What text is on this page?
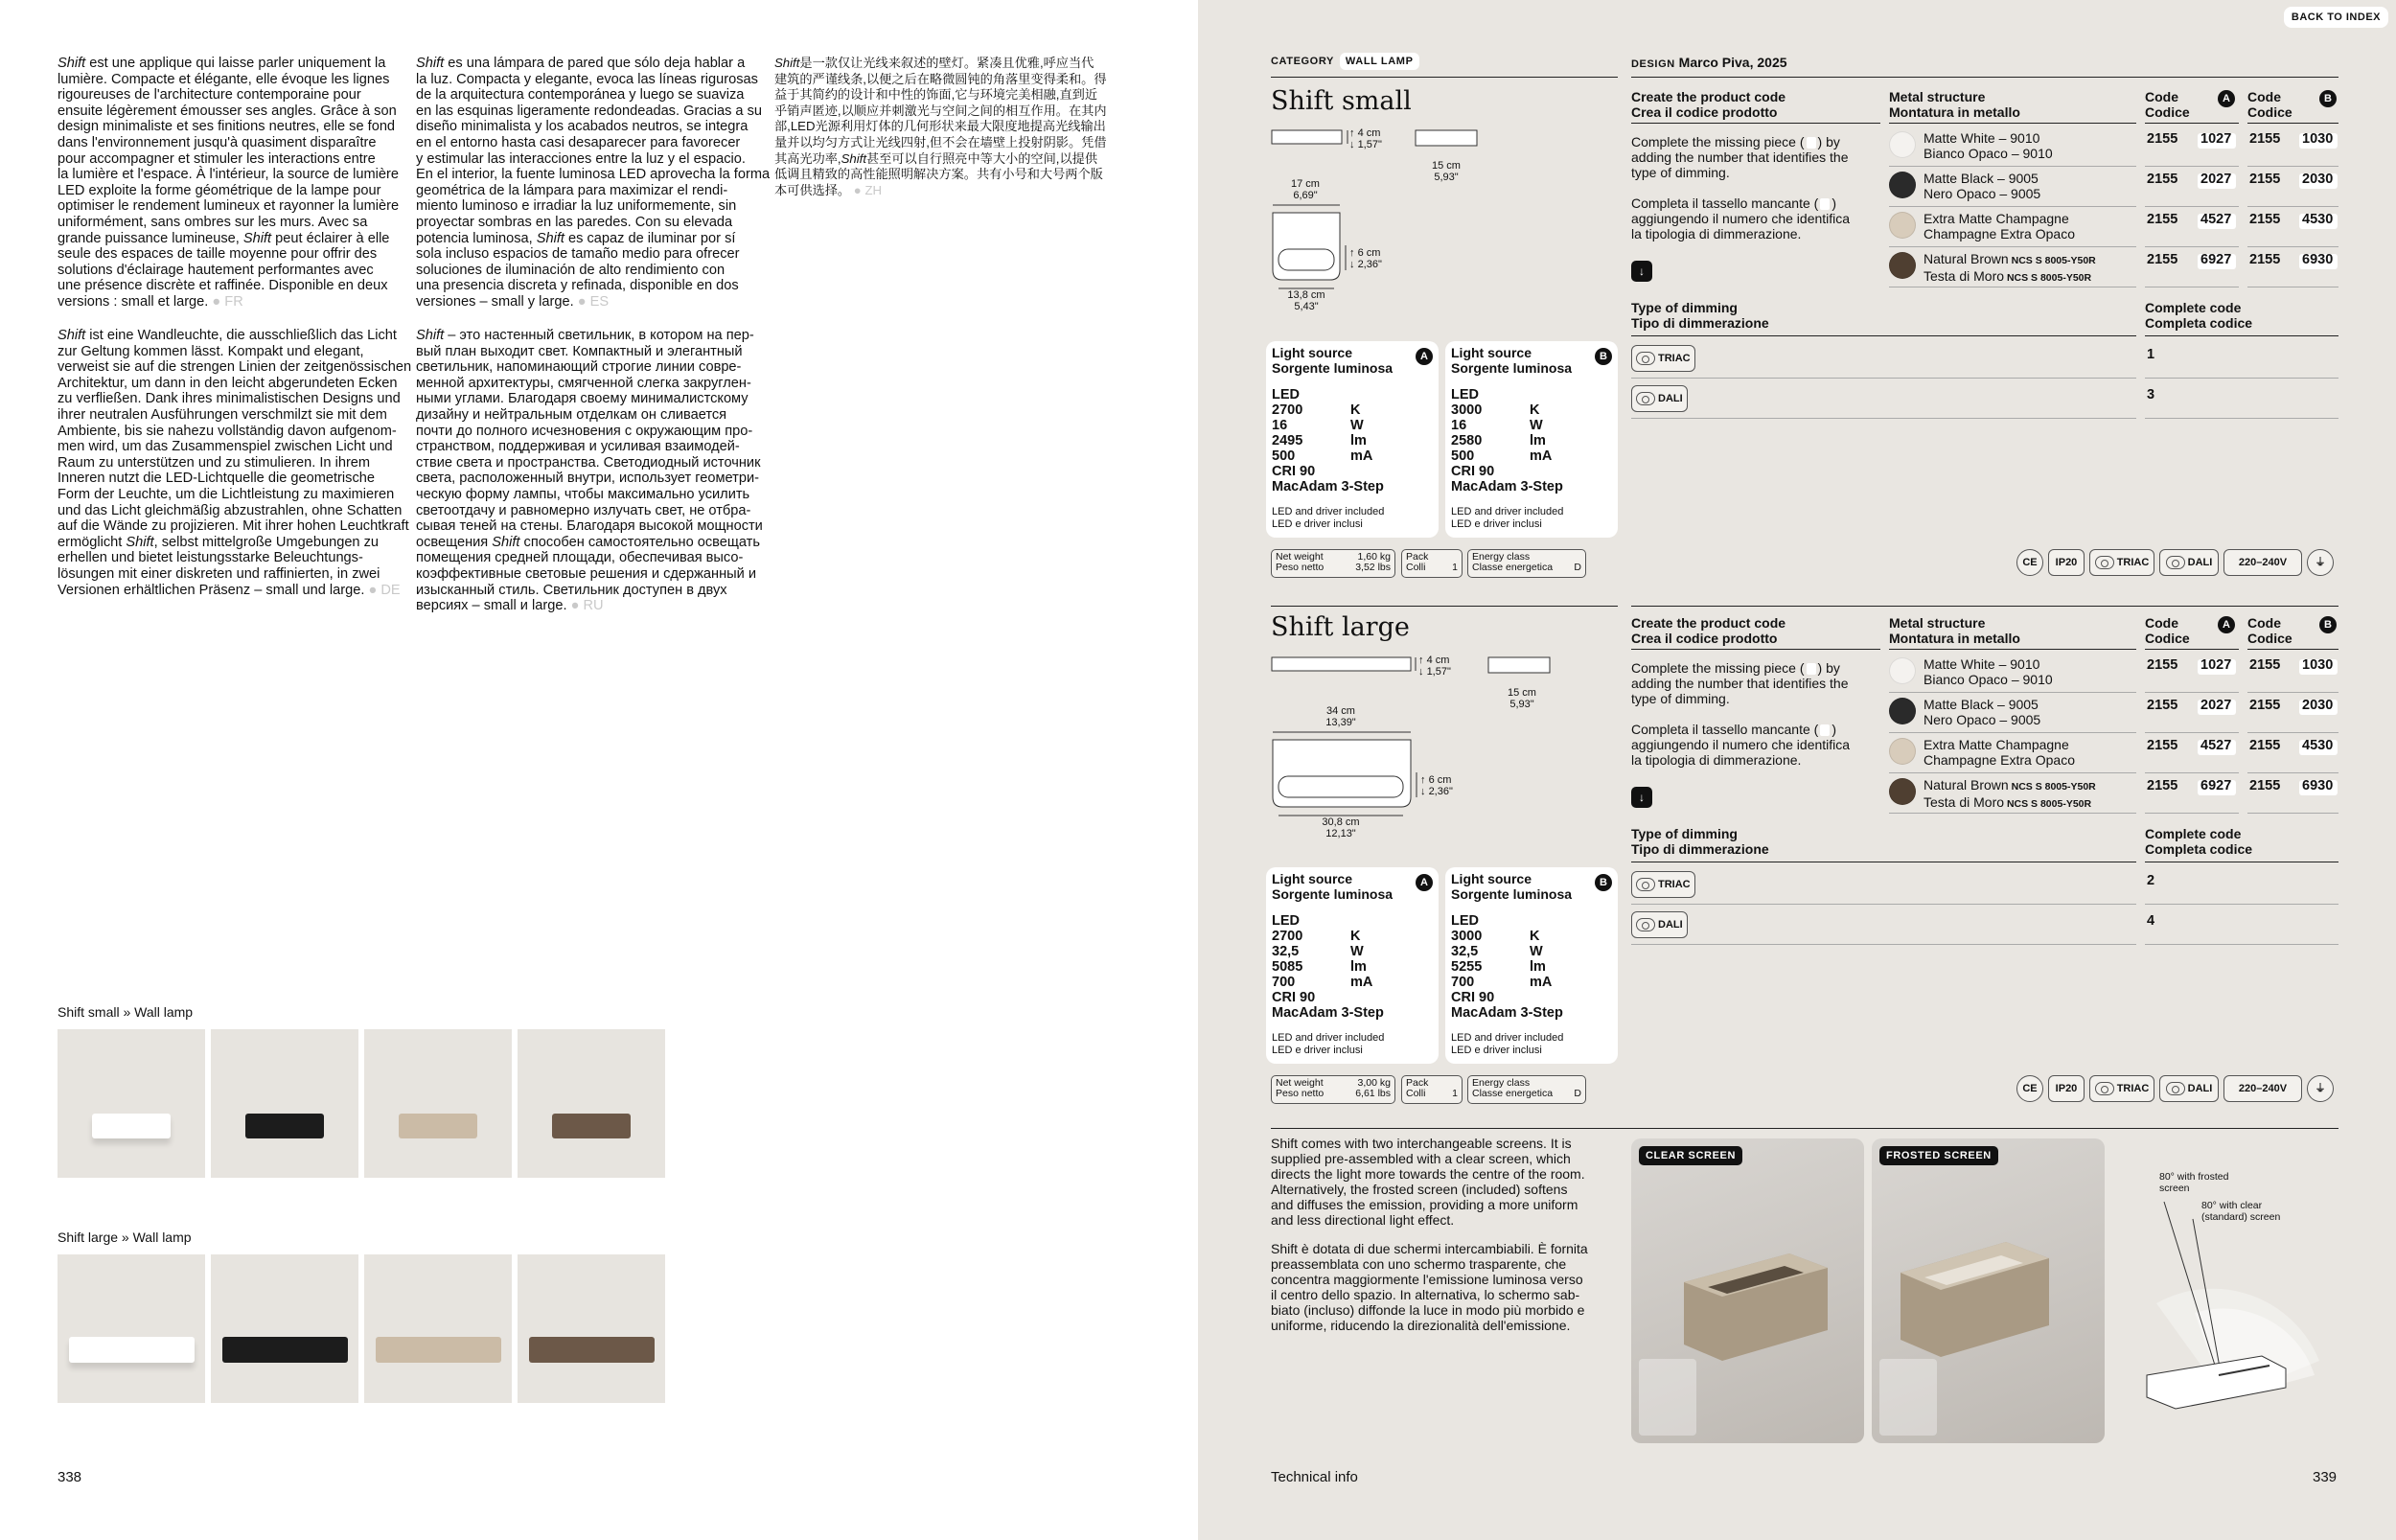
Shift est une applique qui laisse parler uniquement la
lumière. Compacte et élégante, elle évoque les lignes
rigoureuses de l'architecture contemporaine pour
ensuite légèrement émousser ses angles. Grâce à son
design minimaliste et ses finitions neutres, elle se fond
dans l'environnement jusqu'à quasiment disparaître
pour accompagner et stimuler les interactions entre
la lumière et l'espace. À l'intérieur, la source de lumière
LED exploite la forme géométrique de la lampe pour
optimiser le rendement lumineux et rayonner la lumière
uniformément, sans ombres sur les murs. Avec sa
grande puissance lumineuse, Shift peut éclairer à elle
seule des espaces de taille moyenne pour offrir des
solutions d'éclairage hautement performantes avec
une présence discrète et raffinée. Disponible en deux
versions : small et large. ● FR
Shift ist eine Wandleuchte, die ausschließlich das Licht
zur Geltung kommen lässt. Kompakt und elegant,
verweist sie auf die strengen Linien der zeitgenössischen
Architektur, um dann in den leicht abgerundeten Ecken
zu verfließen. Dank ihres minimalistischen Designs und
ihrer neutralen Ausführungen verschmilzt sie mit dem
Ambiente, bis sie nahezu vollständig davon aufgenom-
men wird, um das Zusammenspiel zwischen Licht und
Raum zu unterstützen und zu stimulieren. In ihrem
Inneren nutzt die LED-Lichtquelle die geometrische
Form der Leuchte, um die Lichtleistung zu maximieren
und das Licht gleichmäßig abzustrahlen, ohne Schatten
auf die Wände zu projizieren. Mit ihrer hohen Leuchtkraft
ermöglicht Shift, selbst mittelgroße Umgebungen zu
erhellen und bietet leistungsstarke Beleuchtungs-
lösungen mit einer diskreten und raffinierten, in zwei
Versionen erhältlichen Präsenz – small und large. ● DE
Shift es una lámpara de pared que sólo deja hablar a
la luz. Compacta y elegante, evoca las líneas rigurosas
de la arquitectura contemporánea y luego se suaviza
en las esquinas ligeramente redondeadas. Gracias a su
diseño minimalista y los acabados neutros, se integra
en el entorno hasta casi desaparecer para favorecer
y estimular las interacciones entre la luz y el espacio.
En el interior, la fuente luminosa LED aprovecha la forma
geométrica de la lámpara para maximizar el rendi-
miento luminoso e irradiar la luz uniformemente, sin
proyectar sombras en las paredes. Con su elevada
potencia luminosa, Shift es capaz de iluminar por sí
sola incluso espacios de tamaño medio para ofrecer
soluciones de iluminación de alto rendimiento con
una presencia discreta y refinada, disponible en dos
versiones – small y large. ● ES
Shift – это настенный светильник, в котором на пер-
вый план выходит свет. Компактный и элегантный
светильник, напоминающий строгие линии совре-
менной архитектуры, смягченной слегка закруглен-
ными углами. Благодаря своему минималистскому
дизайну и нейтральным отделкам он сливается
почти до полного исчезновения с окружающим про-
странством, поддерживая и усиливая взаимодей-
ствие света и пространства. Светодиодный источник
света, расположенный внутри, использует геометри-
ческую форму лампы, чтобы максимально усилить
светоотдачу и равномерно излучать свет, не отбра-
сывая теней на стены. Благодаря высокой мощности
освещения Shift способен самостоятельно освещать
помещения средней площади, обеспечивая высо-
коэффективные световые решения и сдержанный и
изысканный стиль. Светильник доступен в двух
версиях – small и large. ● RU
Shift是一款仅让光线来叙述的壁灯。紧凑且优雅,呼应当代
建筑的严谨线条,以便之后在略微圆钝的角落里变得柔和。得
益于其简约的设计和中性的饰面,它与环境完美相融,直到近
乎销声匿迹,以顺应并刺激光与空间之间的相互作用。在其内
部,LED光源利用灯体的几何形状来最大限度地提高光线输出
量并以均匀方式让光线四射,但不会在墙壁上投射阴影。凭借
其高光功率,Shift甚至可以自行照亮中等大小的空间,以提供
低调且精致的高性能照明解决方案。共有小号和大号两个版
本可供选择。 ● ZH
Shift small » Wall lamp
Shift large » Wall lamp
338
BACK TO INDEX
CATEGORY WALL LAMP	DESIGN Marco Piva, 2025
Shift small
↑ 4 cm
↓ 1,57"
15 cm
5,93"
17 cm
6,69"
↑ 6 cm
↓ 2,36"
13,8 cm
5,43"
Light source
Sorgente luminosa
A
LED
2700	K
16	W
2495	lm
500	mA
CRI 90
MacAdam 3-Step
LED and driver included
LED e driver inclusi
Light source
Sorgente luminosa
B
LED
3000	K
16	W
2580	lm
500	mA
CRI 90
MacAdam 3-Step
LED and driver included
LED e driver inclusi
Net weight	1,60 kg
Peso netto	3,52 lbs
Pack
Colli	1
Energy class
Classe energetica D
Create the product code
Crea il codice prodotto
Metal structure
Montatura in metallo
Code
Codice
A	Code
Codice
B
Complete the missing piece ( ) by
adding the number that identifies the
type of dimming.
Completa il tassello mancante ( )
aggiungendo il numero che identifica
la tipologia di dimmerazione.
↓
Matte White – 9010
Bianco Opaco – 9010
2155 1027 2155 1030
Matte Black – 9005
Nero Opaco – 9005
2155 2027 2155 2030
Extra Matte Champagne
Champagne Extra Opaco
2155 4527 2155 4530
Natural Brown NCS S 8005-Y50R
Testa di Moro NCS S 8005-Y50R
2155 6927 2155 6930
Type of dimming
Tipo di dimmerazione
Complete code
Completa codice
TRIAC	1
DALI	3
CE IP20	TRIAC	DALI	220–240V	⏚
Shift large
↑ 4 cm
↓ 1,57"
15 cm
5,93"
34 cm
13,39"
↑ 6 cm
↓ 2,36"
30,8 cm
12,13"
Light source
Sorgente luminosa
A
LED
2700	K
32,5	W
5085	lm
700	mA
CRI 90
MacAdam 3-Step
LED and driver included
LED e driver inclusi
Light source
Sorgente luminosa
B
LED
3000	K
32,5	W
5255	lm
700	mA
CRI 90
MacAdam 3-Step
LED and driver included
LED e driver inclusi
Net weight	3,00 kg
Peso netto	6,61 lbs
Pack
Colli	1
Energy class
Classe energetica D
Create the product code
Crea il codice prodotto
Metal structure
Montatura in metallo
Code
Codice
A	Code
Codice
B
Complete the missing piece ( ) by
adding the number that identifies the
type of dimming.
Completa il tassello mancante ( )
aggiungendo il numero che identifica
la tipologia di dimmerazione.
↓
Matte White – 9010
Bianco Opaco – 9010
2155 1027 2155 1030
Matte Black – 9005
Nero Opaco – 9005
2155 2027 2155 2030
Extra Matte Champagne
Champagne Extra Opaco
2155 4527 2155 4530
Natural Brown NCS S 8005-Y50R
Testa di Moro NCS S 8005-Y50R
2155 6927 2155 6930
Type of dimming
Tipo di dimmerazione
Complete code
Completa codice
TRIAC	2
DALI	4
CE IP20	TRIAC	DALI	220–240V	⏚
Shift comes with two interchangeable screens. It is
supplied pre-assembled with a clear screen, which
directs the light more towards the centre of the room.
Alternatively, the frosted screen (included) softens
and diffuses the emission, providing a more uniform
and less directional light effect.
Shift è dotata di due schermi intercambiabili. È fornita
preassemblata con uno schermo trasparente, che
concentra maggiormente l'emissione luminosa verso
il centro dello spazio. In alternativa, lo schermo sab-
biato (incluso) diffonde la luce in modo più morbido e
uniforme, riducendo la direzionalità dell'emissione.
CLEAR SCREEN	FROSTED SCREEN
80° with frosted
screen
80° with clear
(standard) screen
Technical info	339
